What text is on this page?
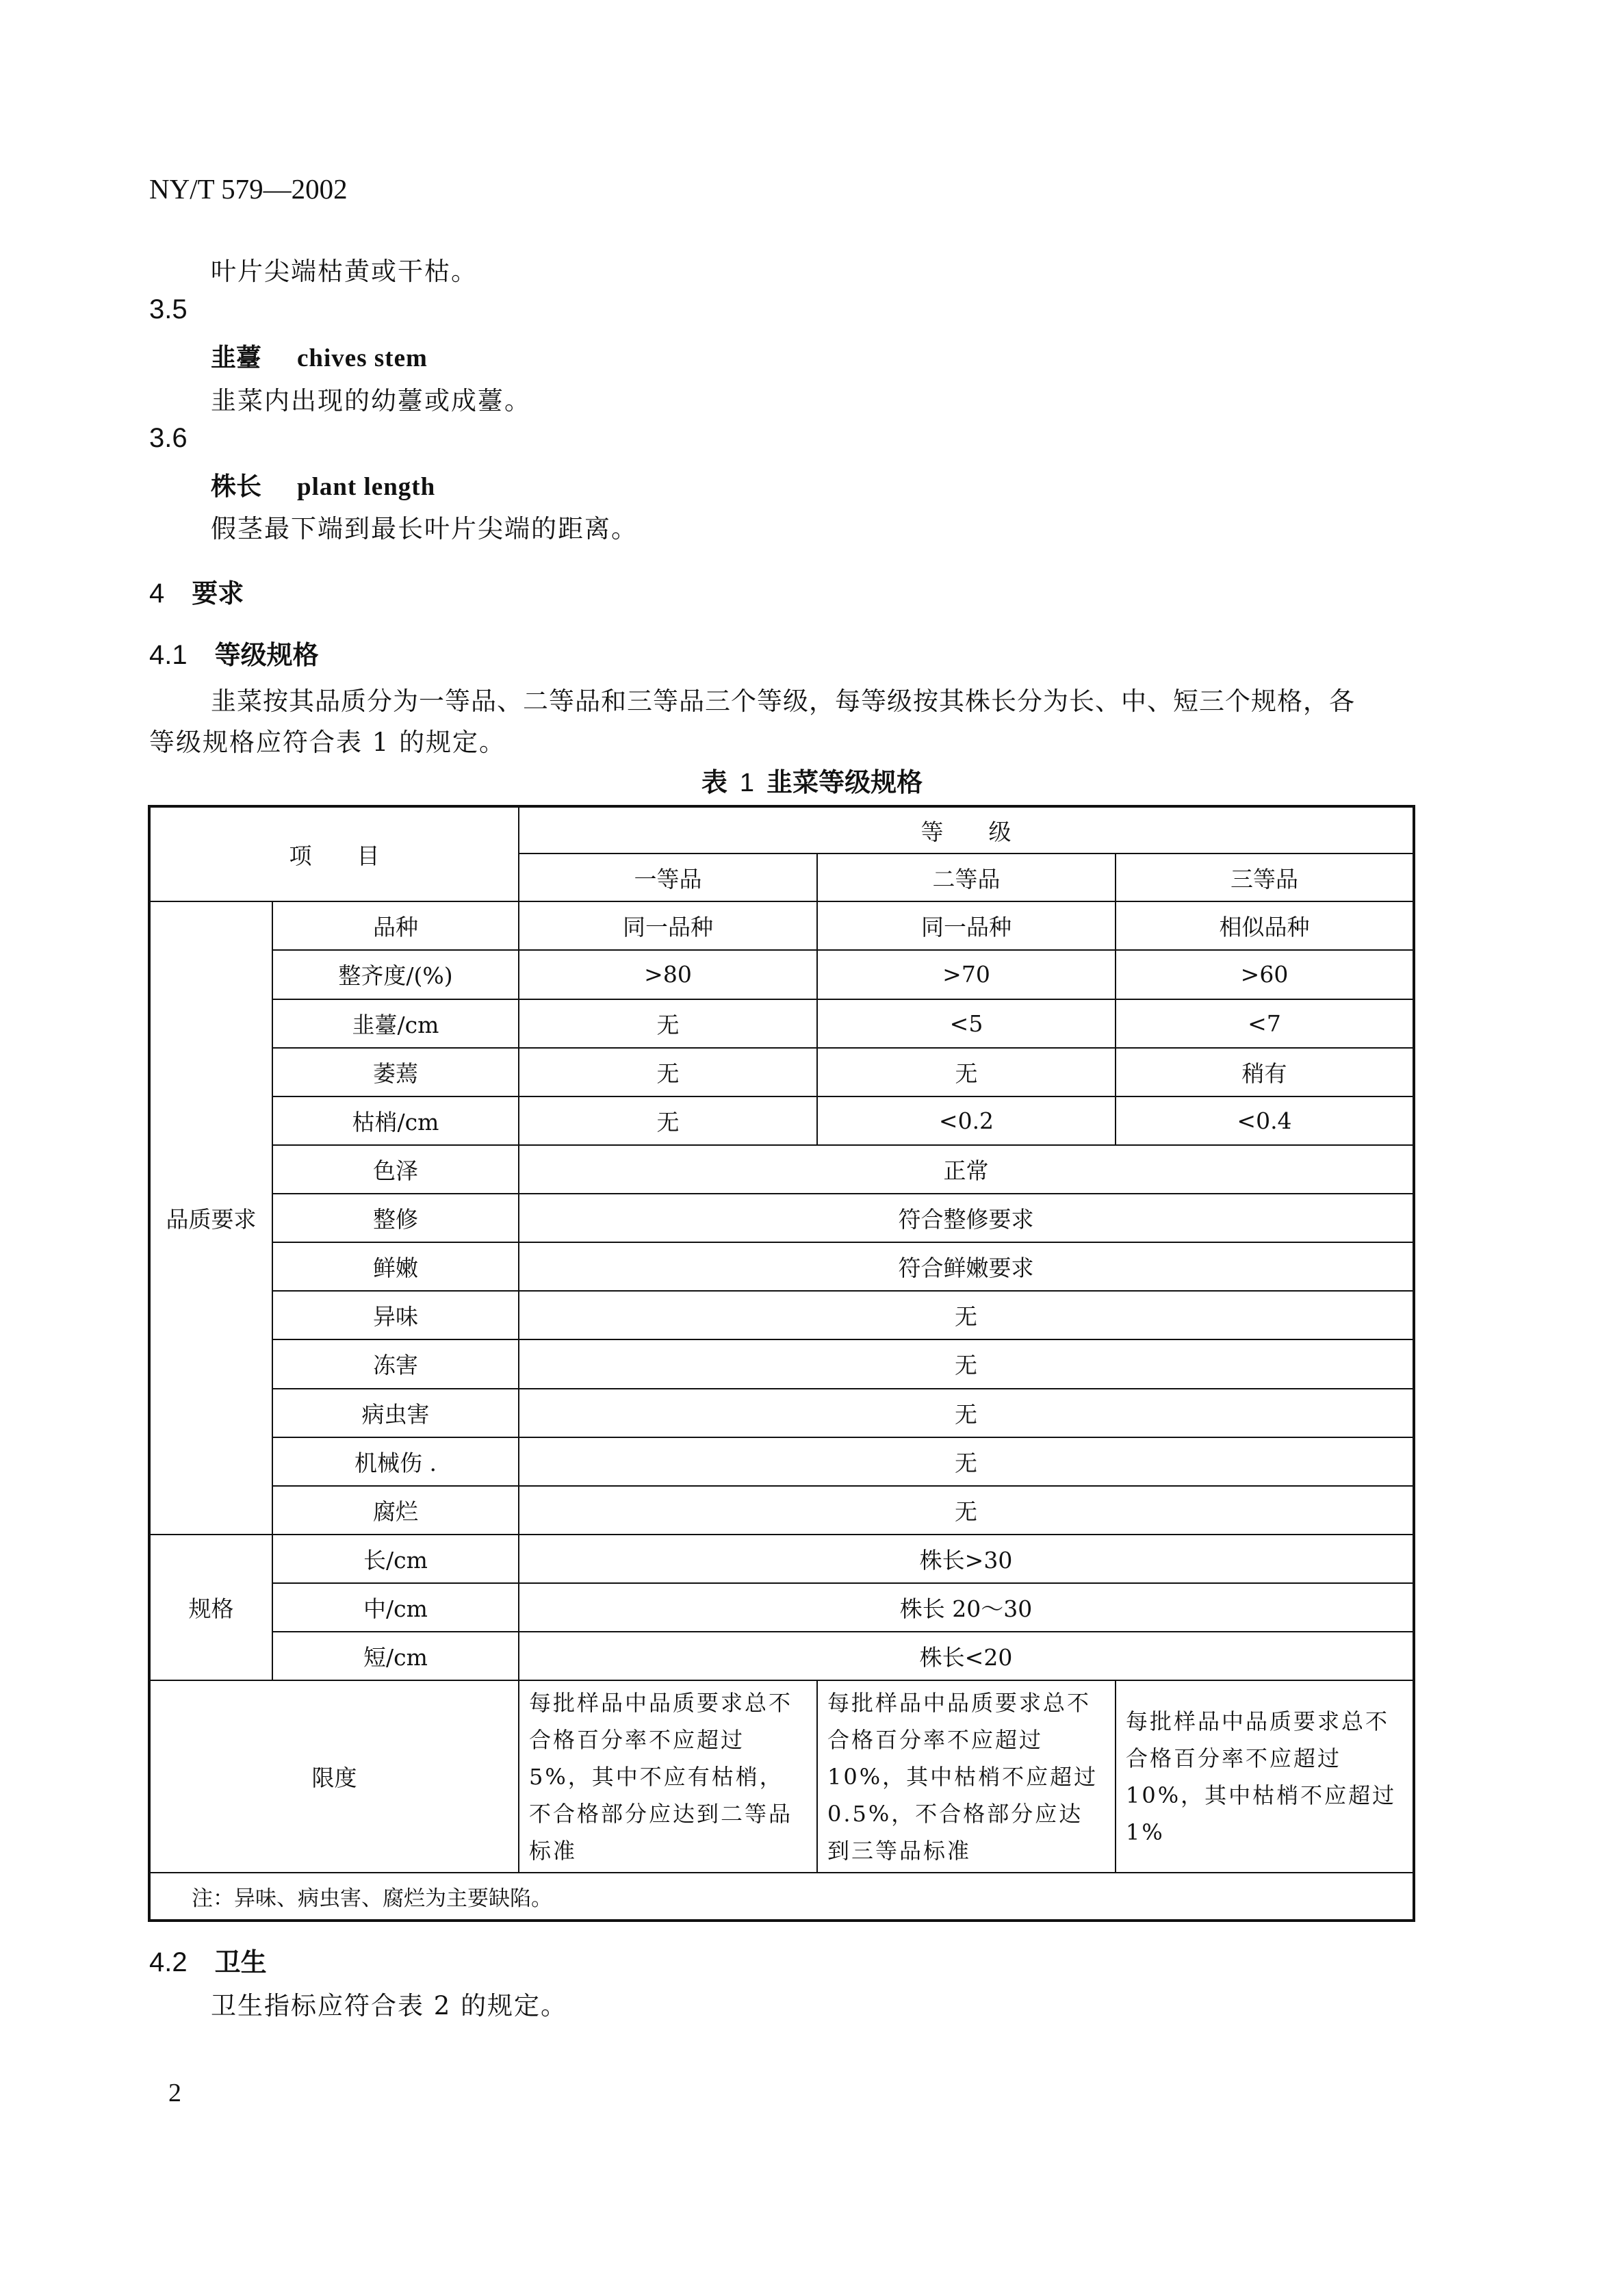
NY/T 579—2002
叶片尖端枯黄或干枯。
3.5
韭薹 chives stem
韭菜内出现的幼薹或成薹。
3.6
株长 plant length
假茎最下端到最长叶片尖端的距离。
4 要求
4.1 等级规格
韭菜按其品质分为一等品、二等品和三等品三个等级，每等级按其株长分为长、中、短三个规格，各
等级规格应符合表 1 的规定。
表 1 韭菜等级规格
项　　目		等　　级		
		一等品	二等品	三等品
品质要求	品种	同一品种	同一品种	相似品种
	整齐度/(%)	>80	>70	>60
	韭薹/cm	无	<5	<7
	萎蔫	无	无	稍有
	枯梢/cm	无	<0.2	<0.4
	色泽	正常		
	整修	符合整修要求		
	鲜嫩	符合鲜嫩要求		
	异味	无		
	冻害	无		
	病虫害	无		
	机械伤 .	无		
	腐烂	无		
规格	长/cm	株长>30		
	中/cm	株长 20～30		
	短/cm	株长<20		
限度		每批样品中品质要求总不合格百分率不应超过5%，其中不应有枯梢，不合格部分应达到二等品标准	每批样品中品质要求总不合格百分率不应超过10%，其中枯梢不应超过0.5%，不合格部分应达到三等品标准	每批样品中品质要求总不合格百分率不应超过10%，其中枯梢不应超过1%
注：异味、病虫害、腐烂为主要缺陷。				
4.2 卫生
卫生指标应符合表 2 的规定。
2
